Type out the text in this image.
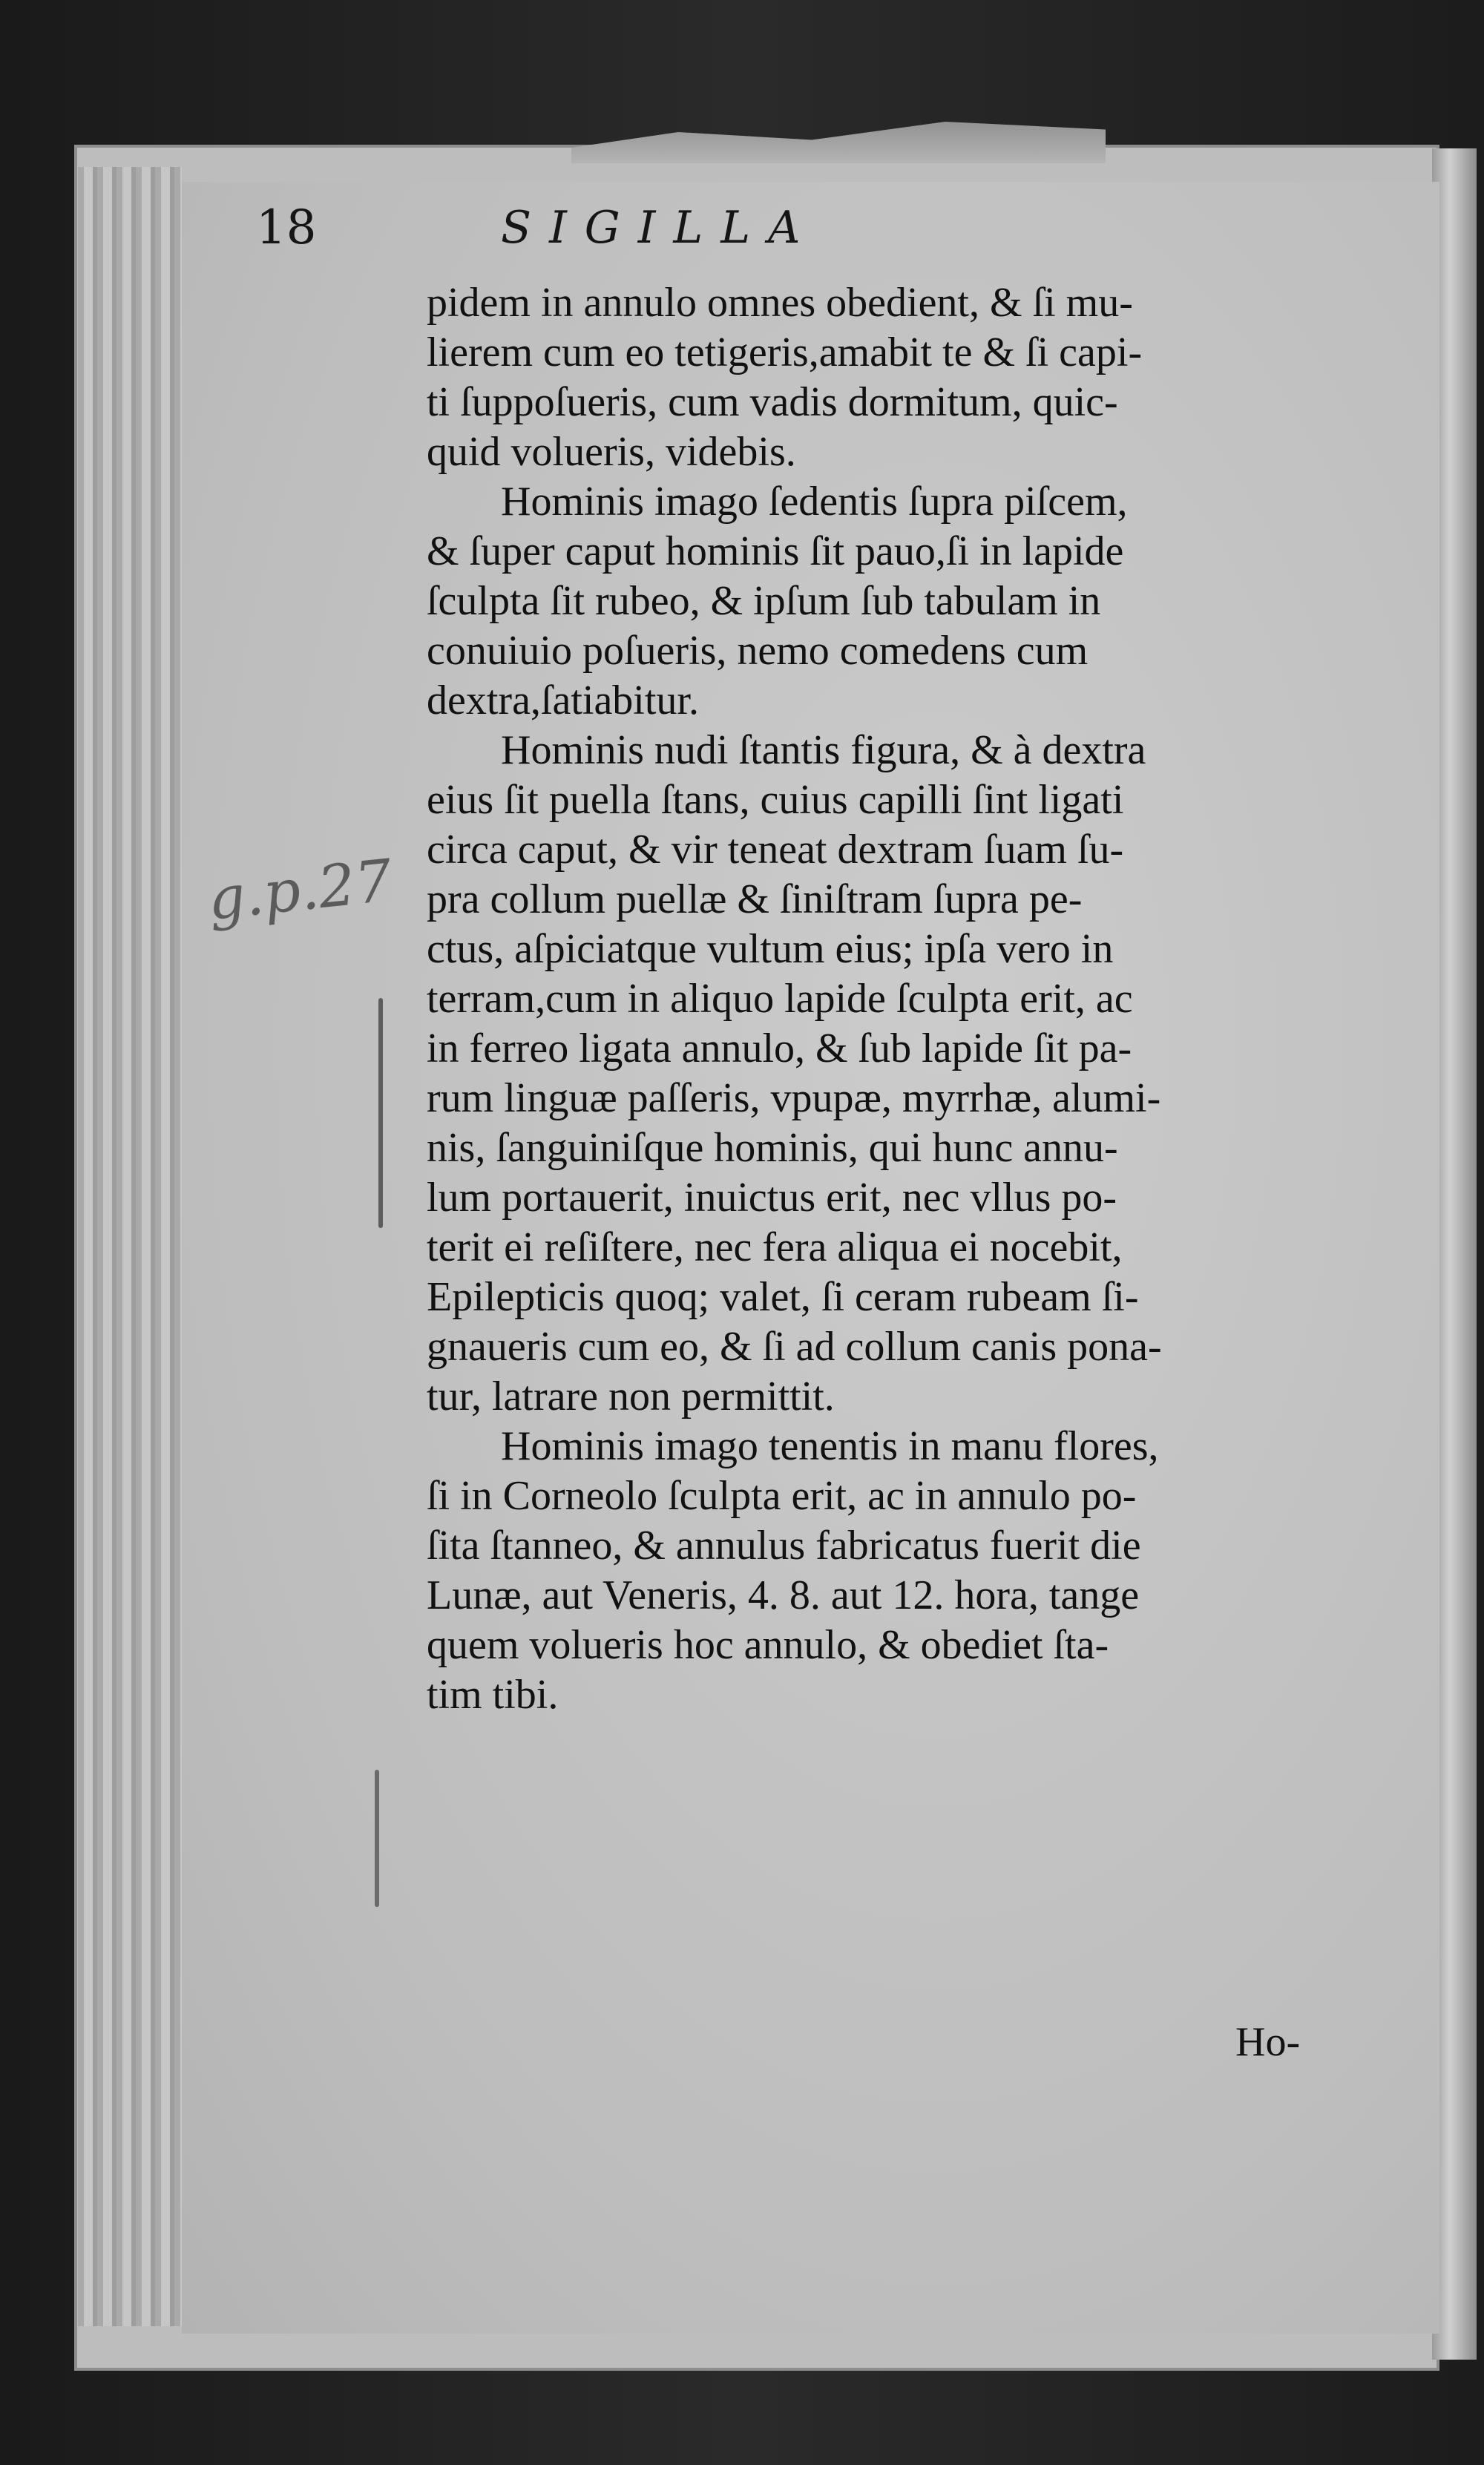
18	SIGILLA
g.p.27
pidem in annulo omnes obedient, & ſi mu-
lierem cum eo tetigeris,amabit te & ſi capi-
ti ſuppoſueris, cum vadis dormitum, quic-
quid volueris, videbis.
Hominis imago ſedentis ſupra piſcem,
& ſuper caput hominis ſit pauo,ſi in lapide
ſculpta ſit rubeo, & ipſum ſub tabulam in
conuiuio poſueris, nemo comedens cum
dextra,ſatiabitur.
Hominis nudi ſtantis figura, & à dextra
eius ſit puella ſtans, cuius capilli ſint ligati
circa caput, & vir teneat dextram ſuam ſu-
pra collum puellæ & ſiniſtram ſupra pe-
ctus, aſpiciatque vultum eius; ipſa vero in
terram,cum in aliquo lapide ſculpta erit, ac
in ferreo ligata annulo, & ſub lapide ſit pa-
rum linguæ paſſeris, vpupæ, myrrhæ, alumi-
nis, ſanguiniſque hominis, qui hunc annu-
lum portauerit, inuictus erit, nec vllus po-
terit ei reſiſtere, nec fera aliqua ei nocebit,
Epilepticis quoq; valet, ſi ceram rubeam ſi-
gnaueris cum eo, & ſi ad collum canis pona-
tur, latrare non permittit.
Hominis imago tenentis in manu flores,
ſi in Corneolo ſculpta erit, ac in annulo po-
ſita ſtanneo, & annulus fabricatus fuerit die
Lunæ, aut Veneris, 4. 8. aut 12. hora, tange
quem volueris hoc annulo, & obediet ſta-
tim tibi.
Ho-
